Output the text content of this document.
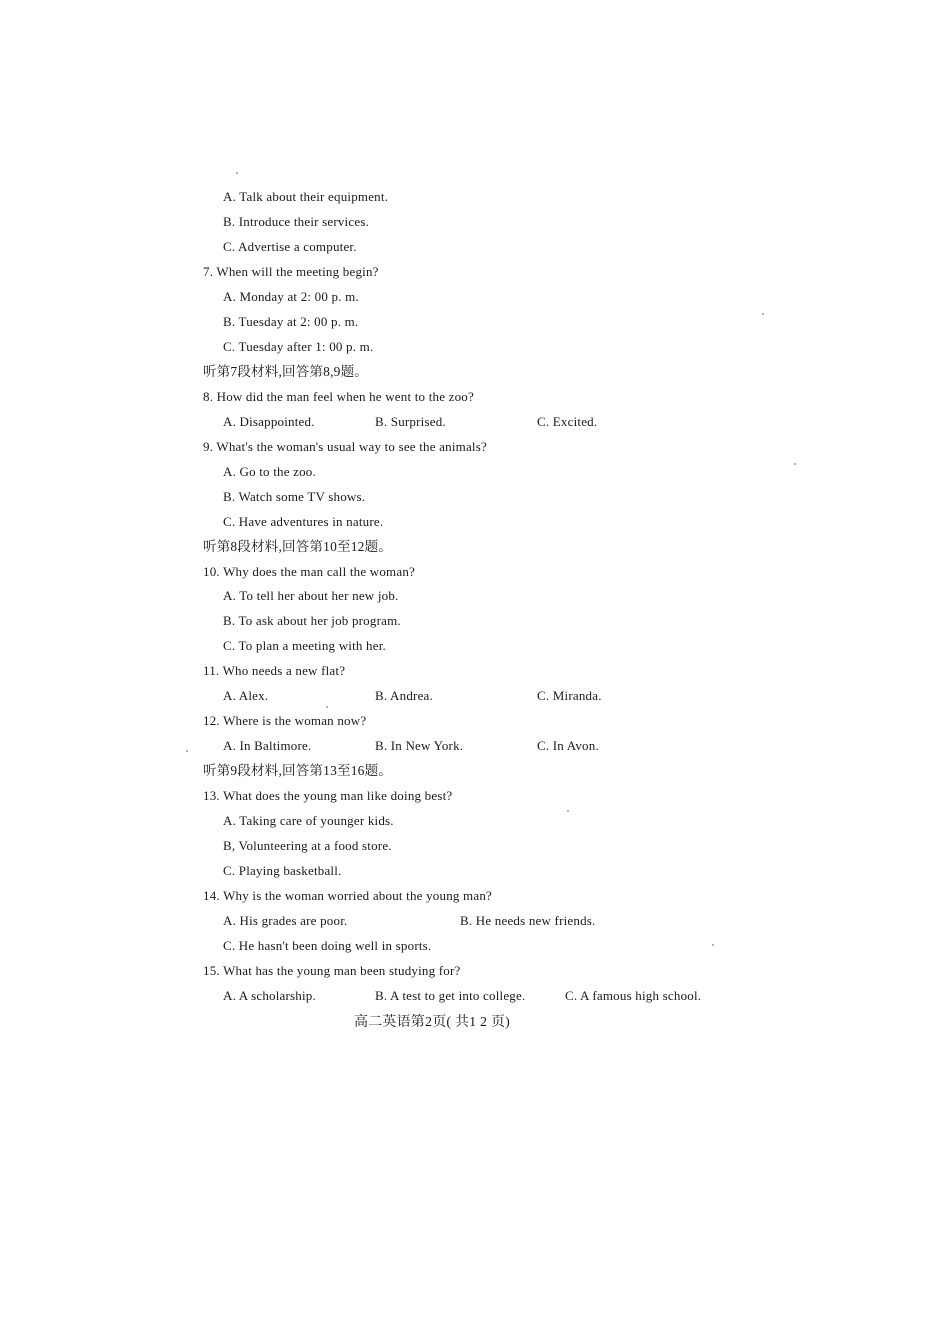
A. Talk about their equipment.
B. Introduce their services.
C. Advertise a computer.
7. When will the meeting begin?
A. Monday at 2: 00 p. m.
B. Tuesday at 2: 00 p. m.
C. Tuesday after 1: 00 p. m.
听第7段材料,回答第8,9题。
8. How did the man feel when he went to the zoo?
A. Disappointed.	B. Surprised.	C. Excited.
9. What's the woman's usual way to see the animals?
A. Go to the zoo.
B. Watch some TV shows.
C. Have adventures in nature.
听第8段材料,回答第10至12题。
10. Why does the man call the woman?
A. To tell her about her new job.
B. To ask about her job program.
C. To plan a meeting with her.
11. Who needs a new flat?
A. Alex.	B. Andrea.	C. Miranda.
12. Where is the woman now?
A. In Baltimore.	B. In New York.	C. In Avon.
听第9段材料,回答第13至16题。
13. What does the young man like doing best?
A. Taking care of younger kids.
B, Volunteering at a food store.
C. Playing basketball.
14. Why is the woman worried about the young man?
A. His grades are poor.	B. He needs new friends.
C. He hasn't been doing well in sports.
15. What has the young man been studying for?
A. A scholarship.	B. A test to get into college.	C. A famous high school.
高二英语第2页( 共1 2 页)
